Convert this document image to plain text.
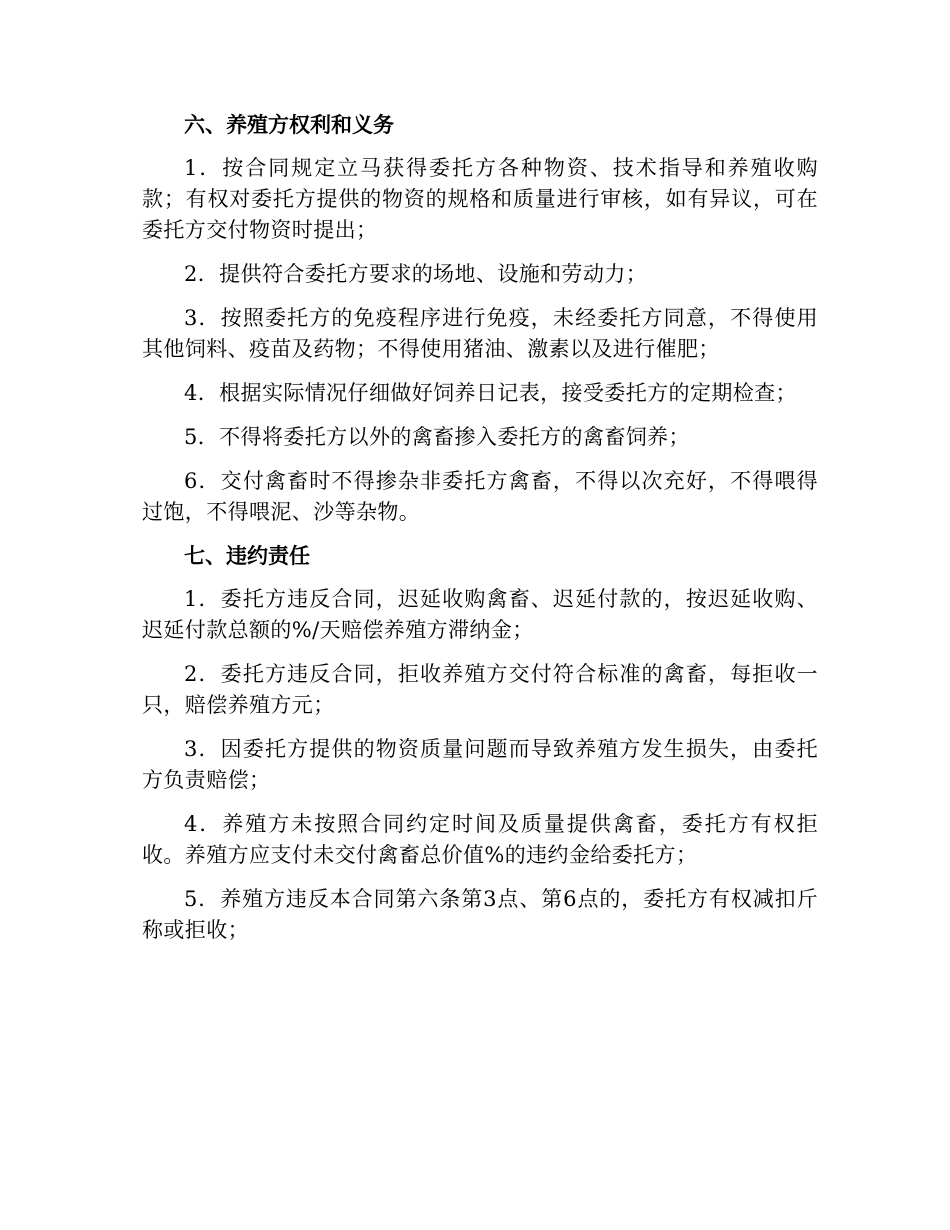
六、养殖方权利和义务

1．按合同规定立马获得委托方各种物资、技术指导和养殖收购款；有权对委托方提供的物资的规格和质量进行审核，如有异议，可在委托方交付物资时提出；

2．提供符合委托方要求的场地、设施和劳动力；

3．按照委托方的免疫程序进行免疫，未经委托方同意，不得使用其他饲料、疫苗及药物；不得使用猪油、激素以及进行催肥；

4．根据实际情况仔细做好饲养日记表，接受委托方的定期检查；

5．不得将委托方以外的禽畜掺入委托方的禽畜饲养；

6．交付禽畜时不得掺杂非委托方禽畜，不得以次充好，不得喂得过饱，不得喂泥、沙等杂物。

七、违约责任

1．委托方违反合同，迟延收购禽畜、迟延付款的，按迟延收购、迟延付款总额的%/天赔偿养殖方滞纳金；

2．委托方违反合同，拒收养殖方交付符合标准的禽畜，每拒收一只，赔偿养殖方元；

3．因委托方提供的物资质量问题而导致养殖方发生损失，由委托方负责赔偿；

4．养殖方未按照合同约定时间及质量提供禽畜，委托方有权拒收。养殖方应支付未交付禽畜总价值%的违约金给委托方；

5．养殖方违反本合同第六条第3点、第6点的，委托方有权减扣斤称或拒收；
